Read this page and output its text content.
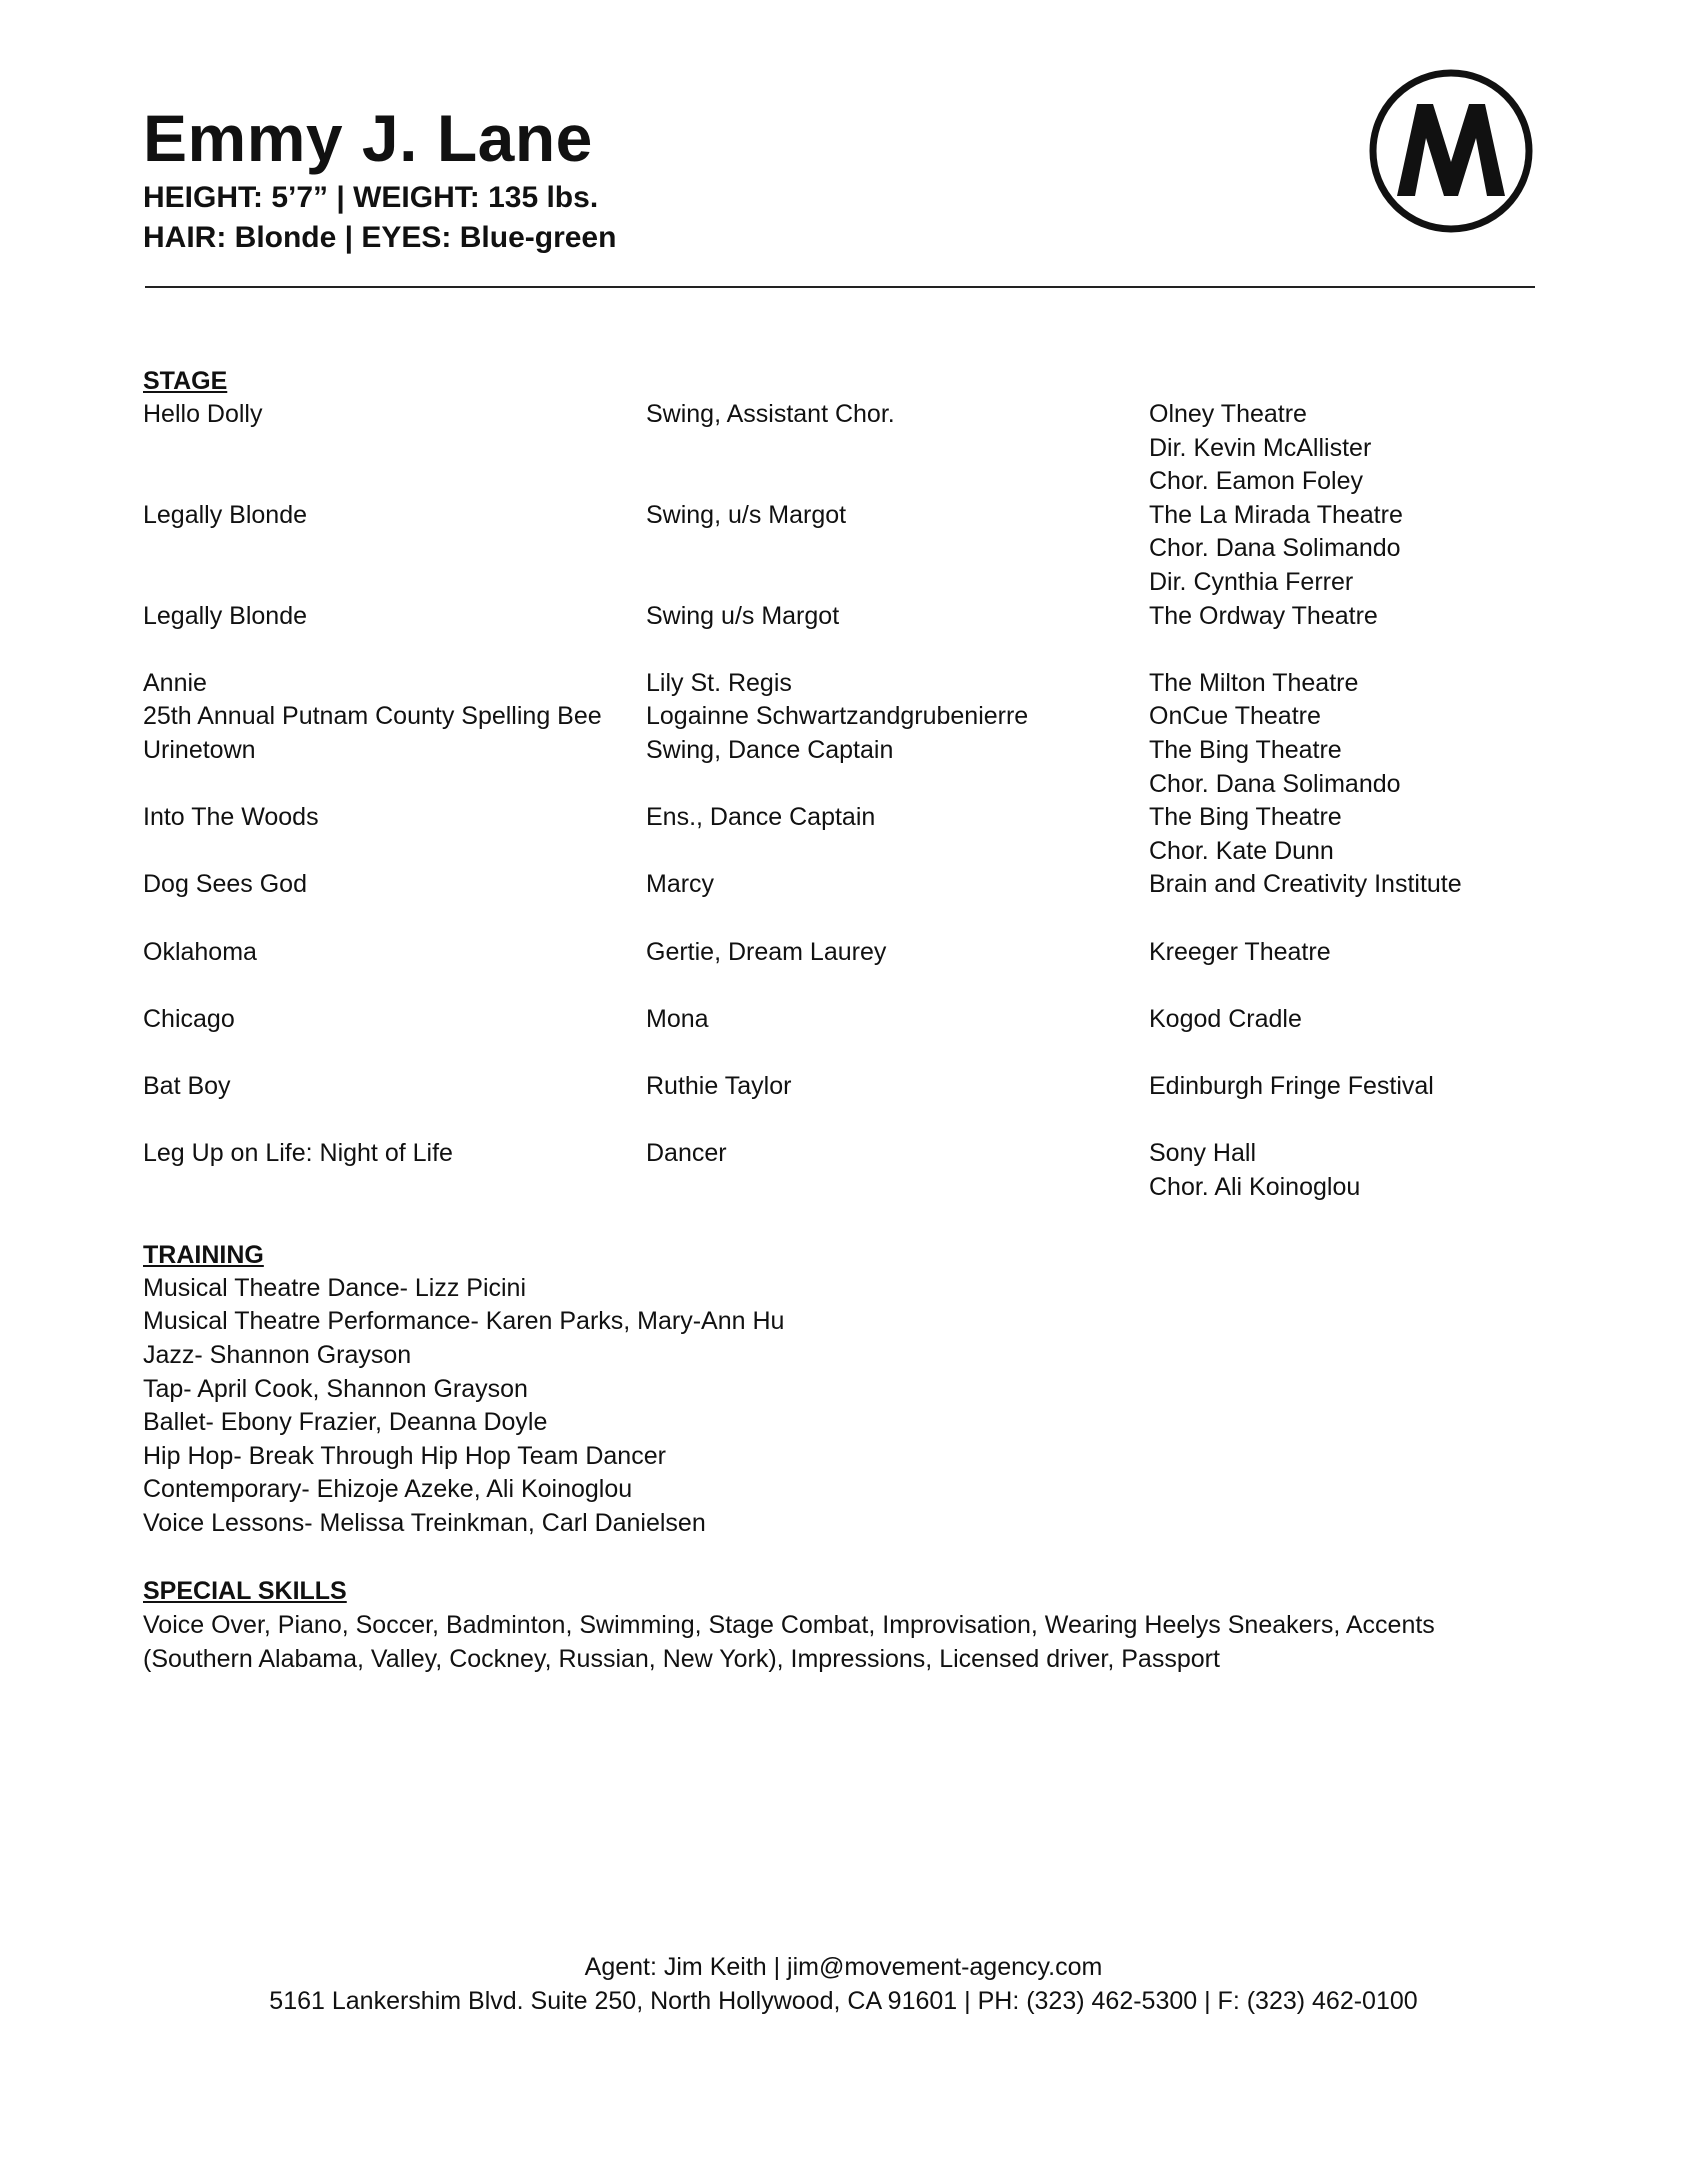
Emmy J. Lane

HEIGHT: 5’7” | WEIGHT: 135 lbs.

HAIR: Blonde | EYES: Blue-green

STAGE

Hello Dolly	Swing, Assistant Chor.	Olney Theatre
Dir. Kevin McAllister
Chor. Eamon Foley
Legally Blonde	Swing, u/s Margot	The La Mirada Theatre
Chor. Dana Solimando
Dir. Cynthia Ferrer
Legally Blonde	Swing u/s Margot	The Ordway Theatre
Annie	Lily St. Regis	The Milton Theatre
25th Annual Putnam County Spelling Bee	Logainne Schwartzandgrubenierre	OnCue Theatre
Urinetown	Swing, Dance Captain	The Bing Theatre
Chor. Dana Solimando
Into The Woods	Ens., Dance Captain	The Bing Theatre
Chor. Kate Dunn
Dog Sees God	Marcy	Brain and Creativity Institute
Oklahoma	Gertie, Dream Laurey	Kreeger Theatre
Chicago	Mona	Kogod Cradle
Bat Boy	Ruthie Taylor	Edinburgh Fringe Festival
Leg Up on Life: Night of Life	Dancer	Sony Hall
Chor. Ali Koinoglou

TRAINING

Musical Theatre Dance- Lizz Picini
Musical Theatre Performance- Karen Parks, Mary-Ann Hu
Jazz- Shannon Grayson
Tap- April Cook, Shannon Grayson
Ballet- Ebony Frazier, Deanna Doyle
Hip Hop- Break Through Hip Hop Team Dancer
Contemporary- Ehizoje Azeke, Ali Koinoglou
Voice Lessons- Melissa Treinkman, Carl Danielsen

SPECIAL SKILLS

Voice Over, Piano, Soccer, Badminton, Swimming, Stage Combat, Improvisation, Wearing Heelys Sneakers, Accents (Southern Alabama, Valley, Cockney, Russian, New York), Impressions, Licensed driver, Passport

Agent: Jim Keith | jim@movement-agency.com
5161 Lankershim Blvd. Suite 250, North Hollywood, CA 91601 | PH: (323) 462-5300 | F: (323) 462-0100
